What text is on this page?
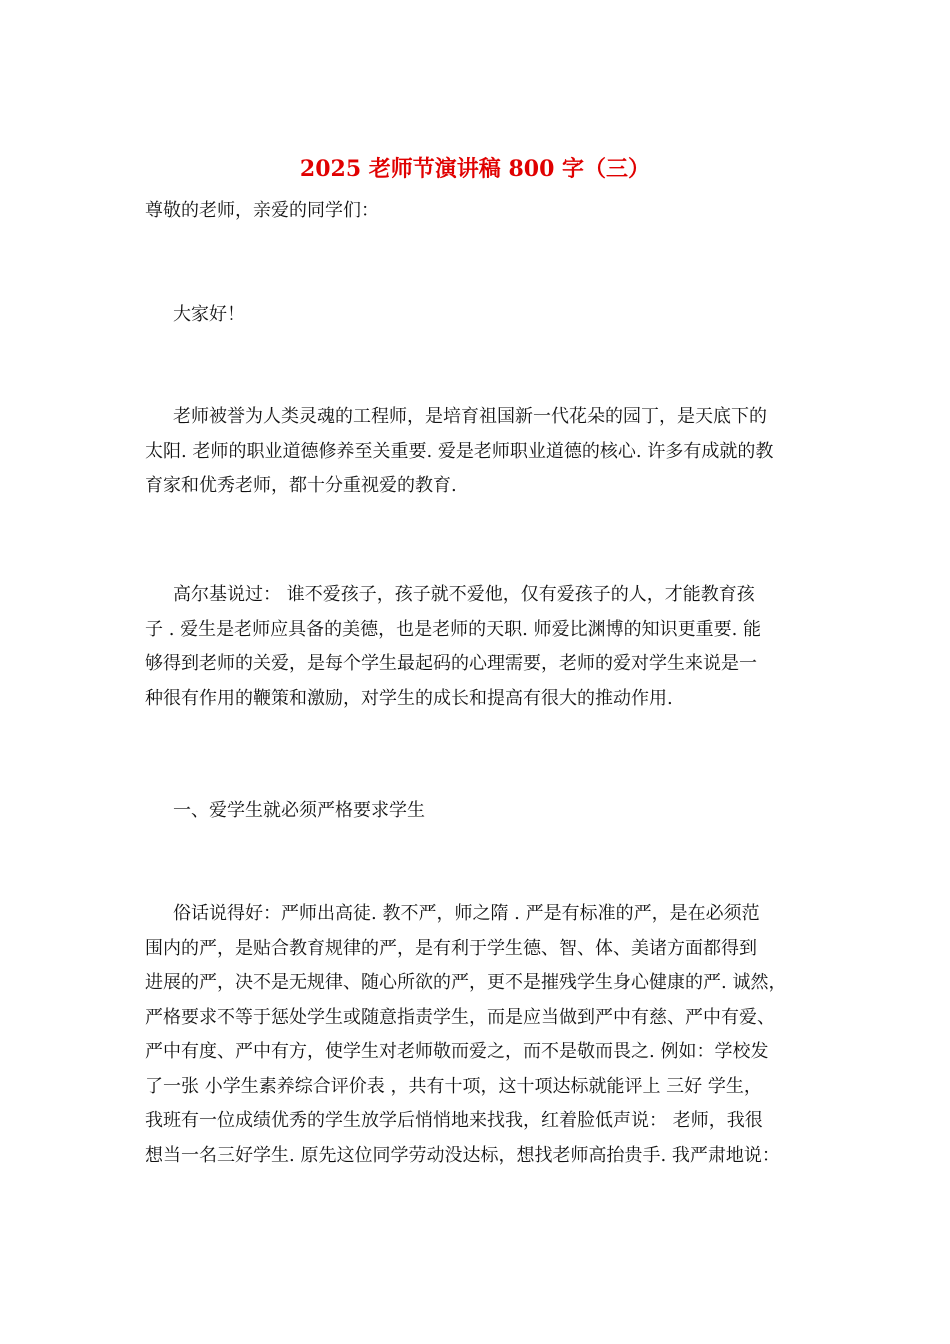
2025 老师节演讲稿 800 字（三）
尊敬的老师，亲爱的同学们：
大家好！
老师被誉为人类灵魂的工程师，是培育祖国新一代花朵的园丁，是天底下的
太阳. 老师的职业道德修养至关重要. 爱是老师职业道德的核心. 许多有成就的教
育家和优秀老师，都十分重视爱的教育.
高尔基说过： 谁不爱孩子，孩子就不爱他，仅有爱孩子的人，才能教育孩
子 . 爱生是老师应具备的美德，也是老师的天职. 师爱比渊博的知识更重要. 能
够得到老师的关爱，是每个学生最起码的心理需要，老师的爱对学生来说是一
种很有作用的鞭策和激励，对学生的成长和提高有很大的推动作用.
一、爱学生就必须严格要求学生
俗话说得好：严师出高徒. 教不严，师之隋 . 严是有标准的严，是在必须范
围内的严，是贴合教育规律的严，是有利于学生德、智、体、美诸方面都得到
进展的严，决不是无规律、随心所欲的严，更不是摧残学生身心健康的严. 诚然，
严格要求不等于惩处学生或随意指责学生，而是应当做到严中有慈、严中有爱、
严中有度、严中有方，使学生对老师敬而爱之，而不是敬而畏之. 例如：学校发
了一张 小学生素养综合评价表 ，共有十项，这十项达标就能评上 三好 学生，
我班有一位成绩优秀的学生放学后悄悄地来找我，红着脸低声说： 老师，我很
想当一名三好学生. 原先这位同学劳动没达标，想找老师高抬贵手. 我严肃地说：
